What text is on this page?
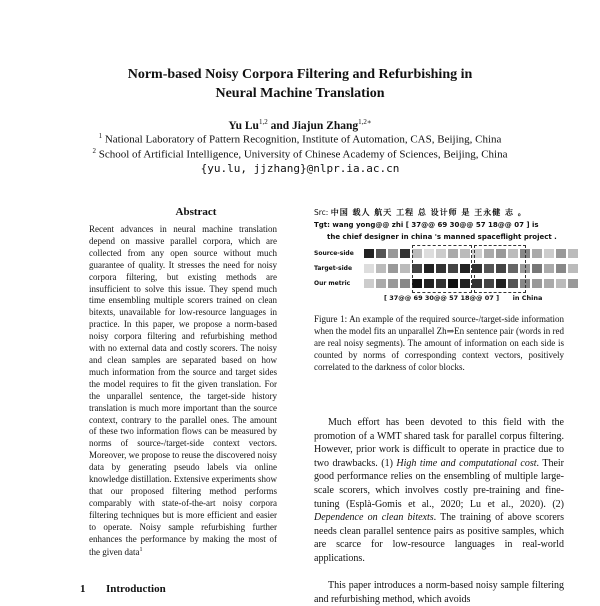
Norm-based Noisy Corpora Filtering and Refurbishing in
Neural Machine Translation
Yu Lu$^{1,2}$ and Jiajun Zhang$^{1,2∗}$
$^1$ National Laboratory of Pattern Recognition, Institute of Automation, CAS, Beijing, China
$^2$ School of Artificial Intelligence, University of Chinese Academy of Sciences, Beijing, China
{yu.lu, jjzhang}@nlpr.ia.ac.cn
Abstract
Recent advances in neural machine translation depend on massive parallel corpora, which are collected from any open source without much guarantee of quality. It stresses the need for noisy corpora filtering, but existing methods are insufficient to solve this issue. They spend much time ensembling multiple scorers trained on clean bitexts, unavailable for low-resource languages in practice. In this paper, we propose a norm-based noisy corpora filtering and refurbishing method with no external data and costly scorers. The noisy and clean samples are separated based on how much information from the source and target sides the model requires to fit the given translation. For the unparallel sentence, the target-side history translation is much more important than the source context, contrary to the parallel ones. The amount of these two information flows can be measured by norms of source-/target-side context vectors. Moreover, we propose to reuse the discovered noisy data by generating pseudo labels via online knowledge distillation. Extensive experiments show that our proposed filtering method performs comparably with state-of-the-art noisy corpora filtering techniques but is more efficient and easier to operate. Noisy sample refurbishing further enhances the performance by making the most of the given data$^1$
1 Introduction
Src: 中国 载人 航天 工程 总 设计师 是 王永健 志 。
Tgt: wang yong@@ zhi [ 37@@ 69 30@@ 57 18@@ 07 ] is
the chief designer in china 's manned spaceflight project .
Source-side
Target-side
Our metric
[ 37@@ 69 30@@ 57 18@@ 07 ]      in China
Figure 1: An example of the required source-/target-side information when the model fits an unparallel Zh⇒En sentence pair (words in red are real noisy segments). The amount of information on each side is counted by norms of corresponding context vectors, positively correlated to the darkness of color blocks.
Much effort has been devoted to this field with the promotion of a WMT shared task for parallel corpus filtering. However, prior work is difficult to operate in practice due to two drawbacks. (1) High time and computational cost. Their good performance relies on the ensembling of multiple large-scale scorers, which involves costly pre-training and fine-tuning (Esplà-Gomis et al., 2020; Lu et al., 2020). (2) Dependence on clean bitexts. The training of above scorers needs clean parallel sentence pairs as positive samples, which are scarce for low-resource languages in real-world applications.
This paper introduces a norm-based noisy sample filtering and refurbishing method, which avoids
